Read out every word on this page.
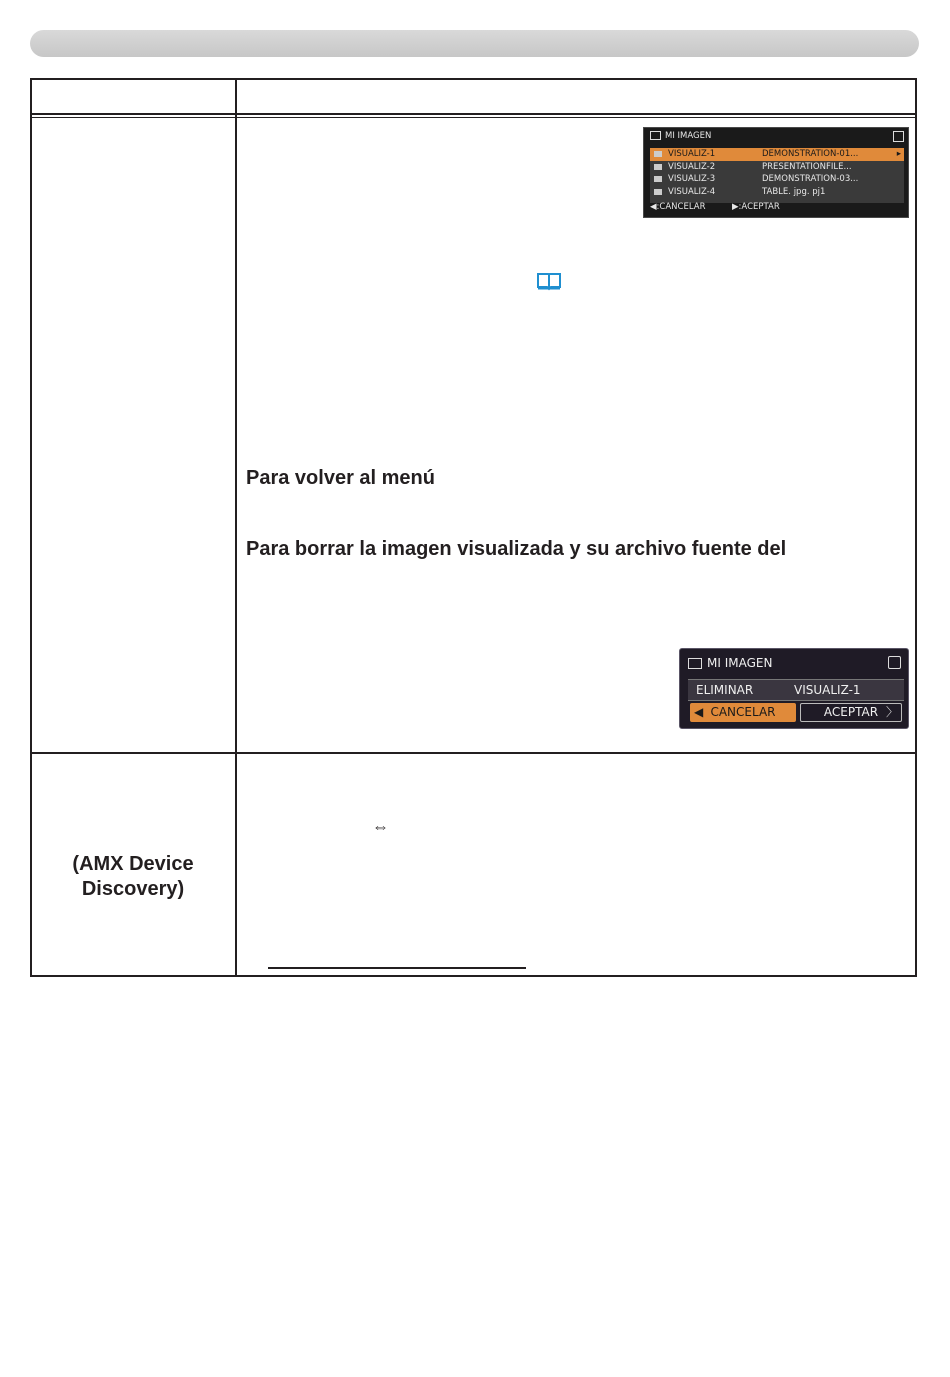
MI IMAGEN
VISUALIZ-1	DEMONSTRATION-01...	▸
VISUALIZ-2	PRESENTATIONFILE...
VISUALIZ-3	DEMONSTRATION-03...
VISUALIZ-4	TABLE. jpg. pj1
◀:CANCELAR	▶:ACEPTAR
Para volver al menú
Para borrar la imagen visualizada y su archivo fuente del
MI IMAGEN
ELIMINAR	VISUALIZ-1
◀ CANCELAR	ACEPTAR 〉
(AMX Device
Discovery)
⇔
